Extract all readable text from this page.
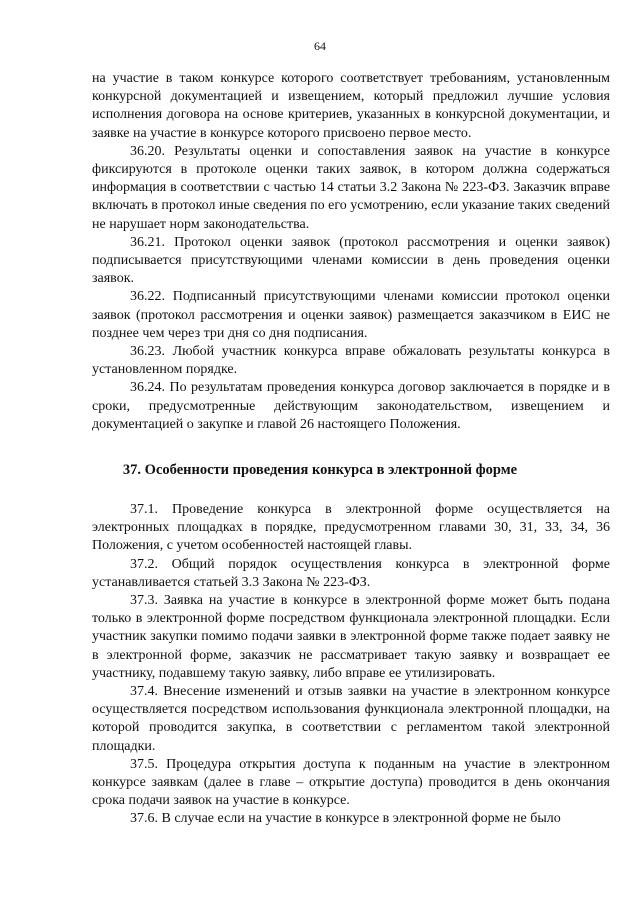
64

на участие в таком конкурсе которого соответствует требованиям, установленным конкурсной документацией и извещением, который предложил лучшие условия исполнения договора на основе критериев, указанных в конкурсной документации, и заявке на участие в конкурсе которого присвоено первое место.

36.20. Результаты оценки и сопоставления заявок на участие в конкурсе фиксируются в протоколе оценки таких заявок, в котором должна содержаться информация в соответствии с частью 14 статьи 3.2 Закона № 223-ФЗ. Заказчик вправе включать в протокол иные сведения по его усмотрению, если указание таких сведений не нарушает норм законодательства.

36.21. Протокол оценки заявок (протокол рассмотрения и оценки заявок) подписывается присутствующими членами комиссии в день проведения оценки заявок.

36.22. Подписанный присутствующими членами комиссии протокол оценки заявок (протокол рассмотрения и оценки заявок) размещается заказчиком в ЕИС не позднее чем через три дня со дня подписания.

36.23. Любой участник конкурса вправе обжаловать результаты конкурса в установленном порядке.

36.24. По результатам проведения конкурса договор заключается в порядке и в сроки, предусмотренные действующим законодательством, извещением и документацией о закупке и главой 26 настоящего Положения.

37. Особенности проведения конкурса в электронной форме

37.1. Проведение конкурса в электронной форме осуществляется на электронных площадках в порядке, предусмотренном главами 30, 31, 33, 34, 36 Положения, с учетом особенностей настоящей главы.

37.2. Общий порядок осуществления конкурса в электронной форме устанавливается статьей 3.3 Закона № 223-ФЗ.

37.3. Заявка на участие в конкурсе в электронной форме может быть подана только в электронной форме посредством функционала электронной площадки. Если участник закупки помимо подачи заявки в электронной форме также подает заявку не в электронной форме, заказчик не рассматривает такую заявку и возвращает ее участнику, подавшему такую заявку, либо вправе ее утилизировать.

37.4. Внесение изменений и отзыв заявки на участие в электронном конкурсе осуществляется посредством использования функционала электронной площадки, на которой проводится закупка, в соответствии с регламентом такой электронной площадки.

37.5. Процедура открытия доступа к поданным на участие в электронном конкурсе заявкам (далее в главе – открытие доступа) проводится в день окончания срока подачи заявок на участие в конкурсе.

37.6. В случае если на участие в конкурсе в электронной форме не было
